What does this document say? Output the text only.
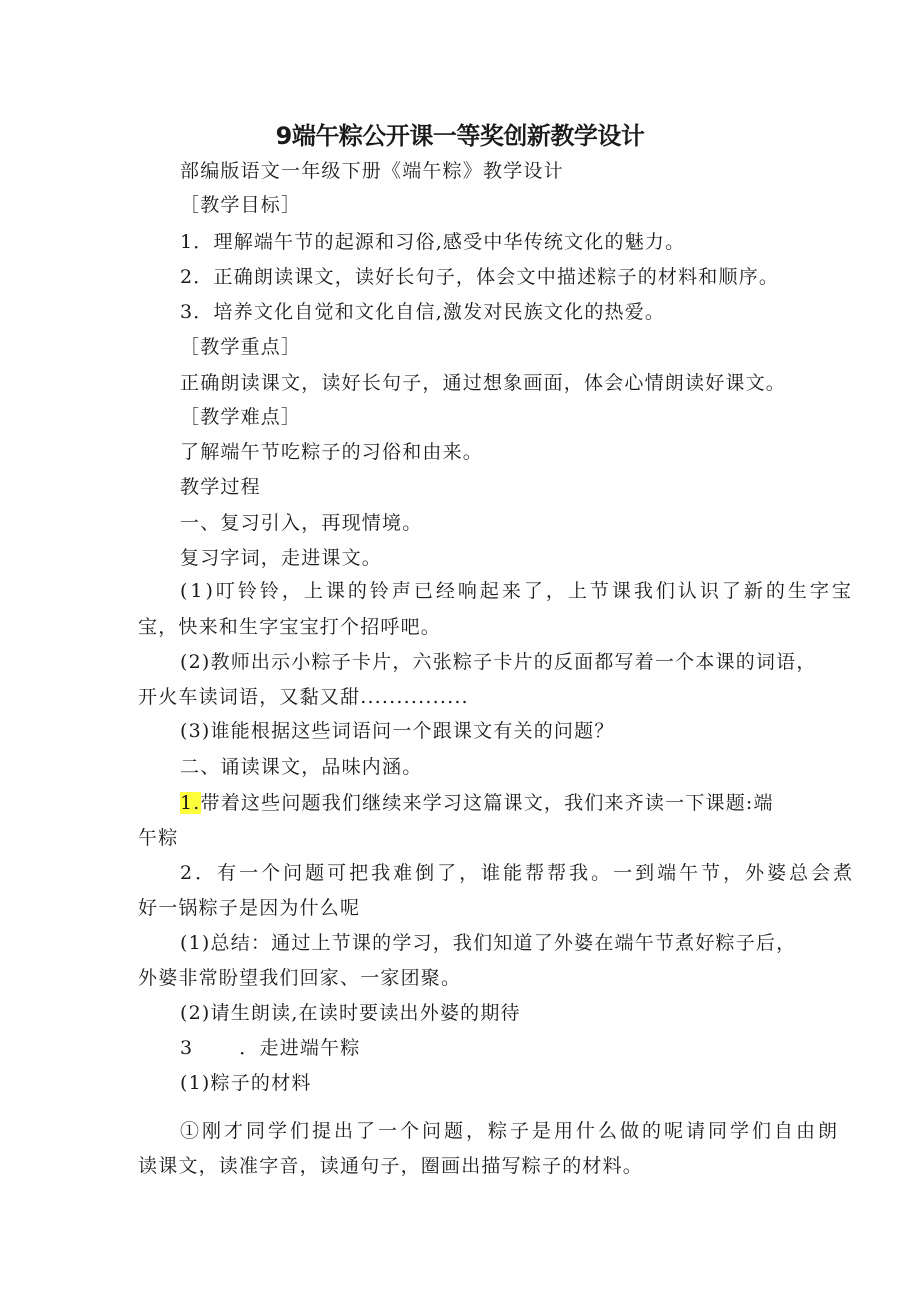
9端午粽公开课一等奖创新教学设计
部编版语文一年级下册《端午粽》教学设计
［教学目标］
1．理解端午节的起源和习俗,感受中华传统文化的魅力。
2．正确朗读课文，读好长句子，体会文中描述粽子的材料和顺序。
3．培养文化自觉和文化自信,激发对民族文化的热爱。
［教学重点］
正确朗读课文，读好长句子，通过想象画面，体会心情朗读好课文。
［教学难点］
了解端午节吃粽子的习俗和由来。
教学过程
一、复习引入，再现情境。
复习字词，走进课文。
(1)叮铃铃，上课的铃声已经响起来了，上节课我们认识了新的生字宝
宝，快来和生字宝宝打个招呼吧。
(2)教师出示小粽子卡片，六张粽子卡片的反面都写着一个本课的词语，
开火车读词语，又黏又甜...............
(3)谁能根据这些词语问一个跟课文有关的问题？
二、诵读课文，品味内涵。
1.带着这些问题我们继续来学习这篇课文，我们来齐读一下课题:端
午粽
2．有一个问题可把我难倒了，谁能帮帮我。一到端午节，外婆总会煮
好一锅粽子是因为什么呢
(1)总结：通过上节课的学习，我们知道了外婆在端午节煮好粽子后，
外婆非常盼望我们回家、一家团聚。
(2)请生朗读,在读时要读出外婆的期待
3 ．走进端午粽
(1)粽子的材料
①刚才同学们提出了一个问题，粽子是用什么做的呢请同学们自由朗
读课文，读准字音，读通句子，圈画出描写粽子的材料。
